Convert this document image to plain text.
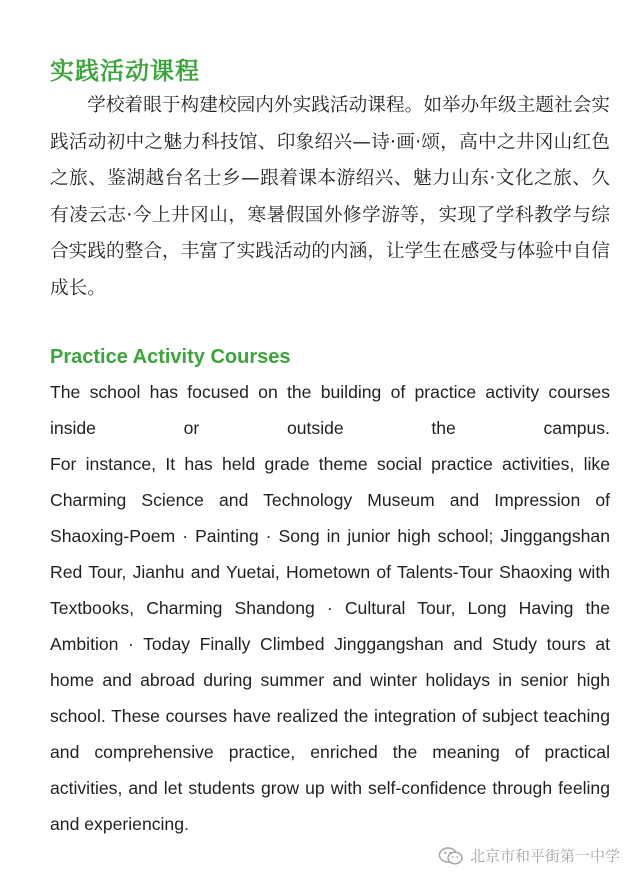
实践活动课程

学校着眼于构建校园内外实践活动课程。如举办年级主题社会实践活动初中之魅力科技馆、印象绍兴—诗·画·颂，高中之井冈山红色之旅、鉴湖越台名士乡—跟着课本游绍兴、魅力山东·文化之旅、久有凌云志·今上井冈山，寒暑假国外修学游等，实现了学科教学与综合实践的整合，丰富了实践活动的内涵，让学生在感受与体验中自信成长。

Practice Activity Courses

The school has focused on the building of practice activity courses inside or outside the campus.

For instance, It has held grade theme social practice activities, like Charming Science and Technology Museum and Impression of Shaoxing-Poem · Painting · Song in junior high school; Jinggangshan Red Tour, Jianhu and Yuetai, Hometown of Talents-Tour Shaoxing with Textbooks, Charming Shandong · Cultural Tour, Long Having the Ambition · Today Finally Climbed Jinggangshan and Study tours at home and abroad during summer and winter holidays in senior high school. These courses have realized the integration of subject teaching and comprehensive practice, enriched the meaning of practical activities, and let students grow up with self-confidence through feeling and experiencing.

北京市和平街第一中学
